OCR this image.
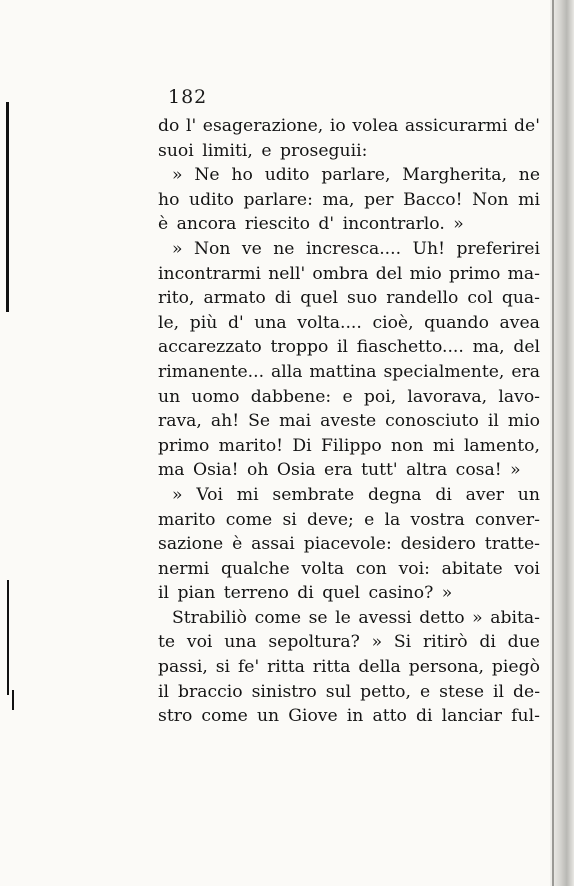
182
do l' esagerazione, io volea assicurarmi de'
suoi limiti, e proseguii:
» Ne ho udito parlare, Margherita, ne
ho udito parlare: ma, per Bacco! Non mi
è ancora riescito d' incontrarlo. »
» Non ve ne incresca.... Uh! preferirei
incontrarmi nell' ombra del mio primo ma-
rito, armato di quel suo randello col qua-
le, più d' una volta.... cioè, quando avea
accarezzato troppo il fiaschetto.... ma, del
rimanente... alla mattina specialmente, era
un uomo dabbene: e poi, lavorava, lavo-
rava, ah! Se mai aveste conosciuto il mio
primo marito! Di Filippo non mi lamento,
ma Osia! oh Osia era tutt' altra cosa! »
» Voi mi sembrate degna di aver un
marito come si deve; e la vostra conver-
sazione è assai piacevole: desidero tratte-
nermi qualche volta con voi: abitate voi
il pian terreno di quel casino? »
Strabiliò come se le avessi detto » abita-
te voi una sepoltura? » Si ritirò di due
passi, si fe' ritta ritta della persona, piegò
il braccio sinistro sul petto, e stese il de-
stro come un Giove in atto di lanciar ful-
